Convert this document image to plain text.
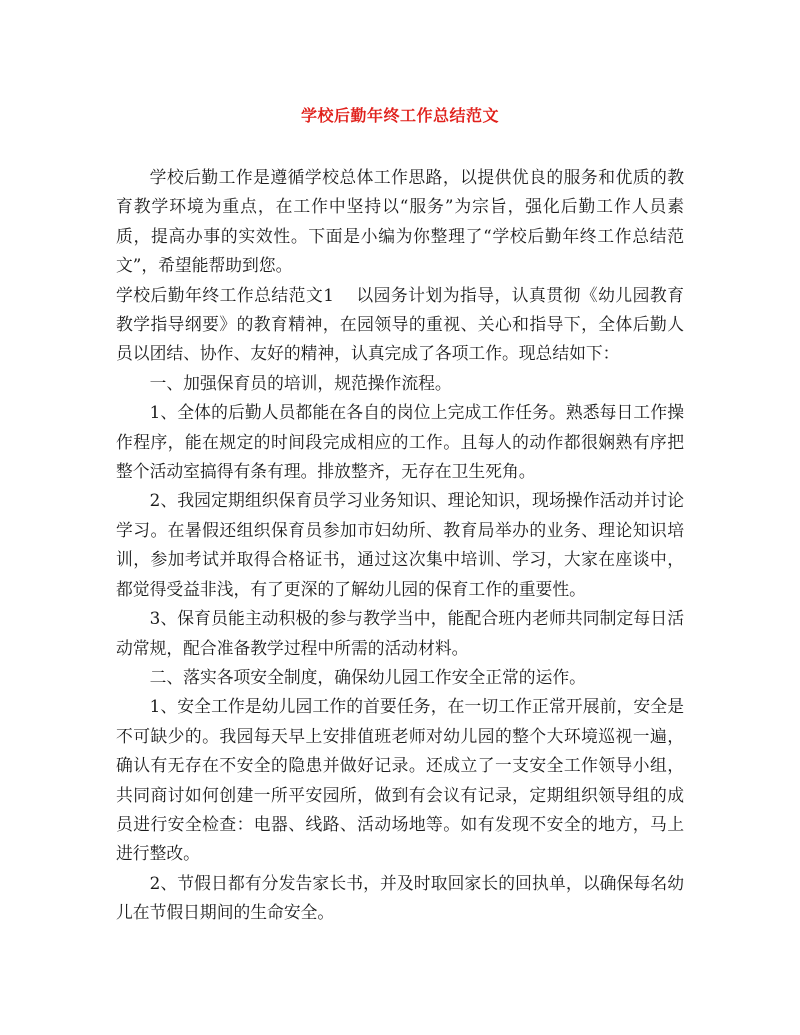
学校后勤年终工作总结范文

学校后勤工作是遵循学校总体工作思路，以提供优良的服务和优质的教育教学环境为重点，在工作中坚持以“服务”为宗旨，强化后勤工作人员素质，提高办事的实效性。下面是小编为你整理了“学校后勤年终工作总结范文”，希望能帮助到您。

学校后勤年终工作总结范文1 以园务计划为指导，认真贯彻《幼儿园教育教学指导纲要》的教育精神，在园领导的重视、关心和指导下，全体后勤人员以团结、协作、友好的精神，认真完成了各项工作。现总结如下：

一、加强保育员的培训，规范操作流程。

1、全体的后勤人员都能在各自的岗位上完成工作任务。熟悉每日工作操作程序，能在规定的时间段完成相应的工作。且每人的动作都很娴熟有序把整个活动室搞得有条有理。排放整齐，无存在卫生死角。

2、我园定期组织保育员学习业务知识、理论知识，现场操作活动并讨论学习。在暑假还组织保育员参加市妇幼所、教育局举办的业务、理论知识培训，参加考试并取得合格证书，通过这次集中培训、学习，大家在座谈中，都觉得受益非浅，有了更深的了解幼儿园的保育工作的重要性。

3、保育员能主动积极的参与教学当中，能配合班内老师共同制定每日活动常规，配合准备教学过程中所需的活动材料。

二、落实各项安全制度，确保幼儿园工作安全正常的运作。

1、安全工作是幼儿园工作的首要任务，在一切工作正常开展前，安全是不可缺少的。我园每天早上安排值班老师对幼儿园的整个大环境巡视一遍，确认有无存在不安全的隐患并做好记录。还成立了一支安全工作领导小组，共同商讨如何创建一所平安园所，做到有会议有记录，定期组织领导组的成员进行安全检查：电器、线路、活动场地等。如有发现不安全的地方，马上进行整改。

2、节假日都有分发告家长书，并及时取回家长的回执单，以确保每名幼儿在节假日期间的生命安全。
